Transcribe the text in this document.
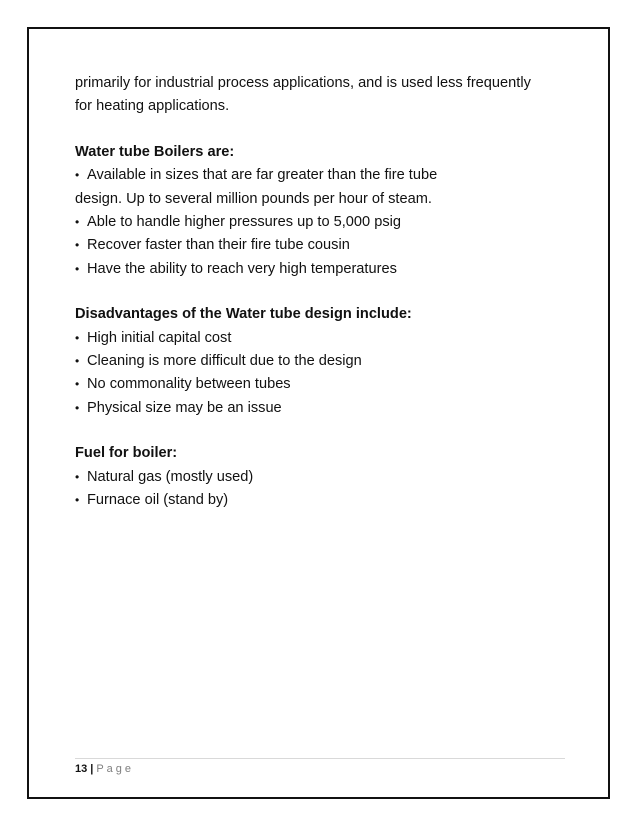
primarily for industrial process applications, and is used less frequently

for heating applications.

Water tube Boilers are:

• Available in sizes that are far greater than the fire tube

design. Up to several million pounds per hour of steam.

• Able to handle higher pressures up to 5,000 psig

• Recover faster than their fire tube cousin

• Have the ability to reach very high temperatures

Disadvantages of the Water tube design include:

• High initial capital cost

• Cleaning is more difficult due to the design

• No commonality between tubes

• Physical size may be an issue

Fuel for boiler:

• Natural gas (mostly used)

• Furnace oil (stand by)

13 | Page
